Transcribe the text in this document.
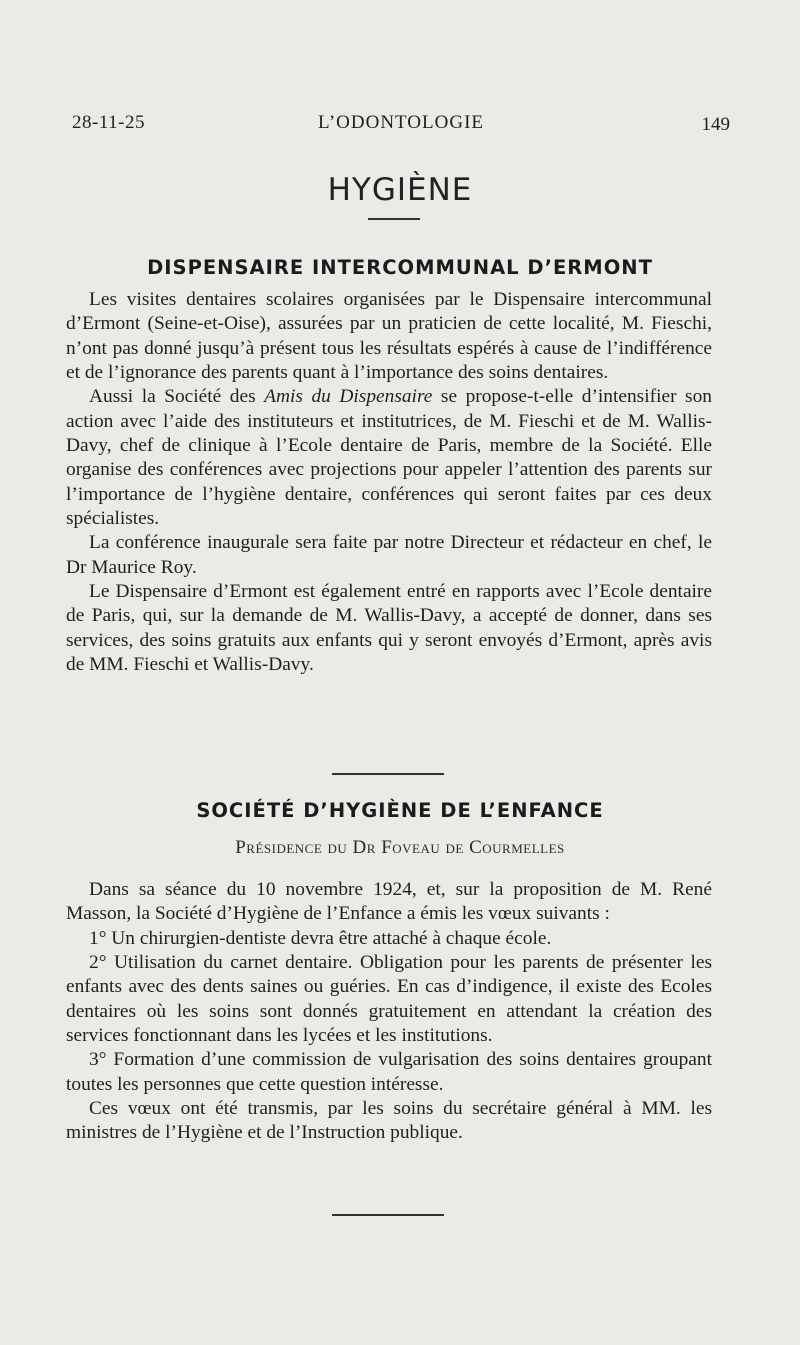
28-11-25	L’ODONTOLOGIE	149
HYGIÈNE
DISPENSAIRE INTERCOMMUNAL D’ERMONT

Les visites dentaires scolaires organisées par le Dispensaire intercommunal d’Ermont (Seine-et-Oise), assurées par un praticien de cette localité, M. Fieschi, n’ont pas donné jusqu’à présent tous les résultats espérés à cause de l’indifférence et de l’ignorance des parents quant à l’importance des soins dentaires.

Aussi la Société des Amis du Dispensaire se propose-t-elle d’intensifier son action avec l’aide des instituteurs et institutrices, de M. Fieschi et de M. Wallis-Davy, chef de clinique à l’Ecole dentaire de Paris, membre de la Société. Elle organise des conférences avec projections pour appeler l’attention des parents sur l’importance de l’hygiène dentaire, conférences qui seront faites par ces deux spécialistes.

La conférence inaugurale sera faite par notre Directeur et rédacteur en chef, le Dr Maurice Roy.

Le Dispensaire d’Ermont est également entré en rapports avec l’Ecole dentaire de Paris, qui, sur la demande de M. Wallis-Davy, a accepté de donner, dans ses services, des soins gratuits aux enfants qui y seront envoyés d’Ermont, après avis de MM. Fieschi et Wallis-Davy.

SOCIÉTÉ D’HYGIÈNE DE L’ENFANCE
Présidence du Dr Foveau de Courmelles

Dans sa séance du 10 novembre 1924, et, sur la proposition de M. René Masson, la Société d’Hygiène de l’Enfance a émis les vœux suivants :

1° Un chirurgien-dentiste devra être attaché à chaque école.

2° Utilisation du carnet dentaire. Obligation pour les parents de présenter les enfants avec des dents saines ou guéries. En cas d’indigence, il existe des Ecoles dentaires où les soins sont donnés gratuitement en attendant la création des services fonctionnant dans les lycées et les institutions.

3° Formation d’une commission de vulgarisation des soins dentaires groupant toutes les personnes que cette question intéresse.

Ces vœux ont été transmis, par les soins du secrétaire général à MM. les ministres de l’Hygiène et de l’Instruction publique.
